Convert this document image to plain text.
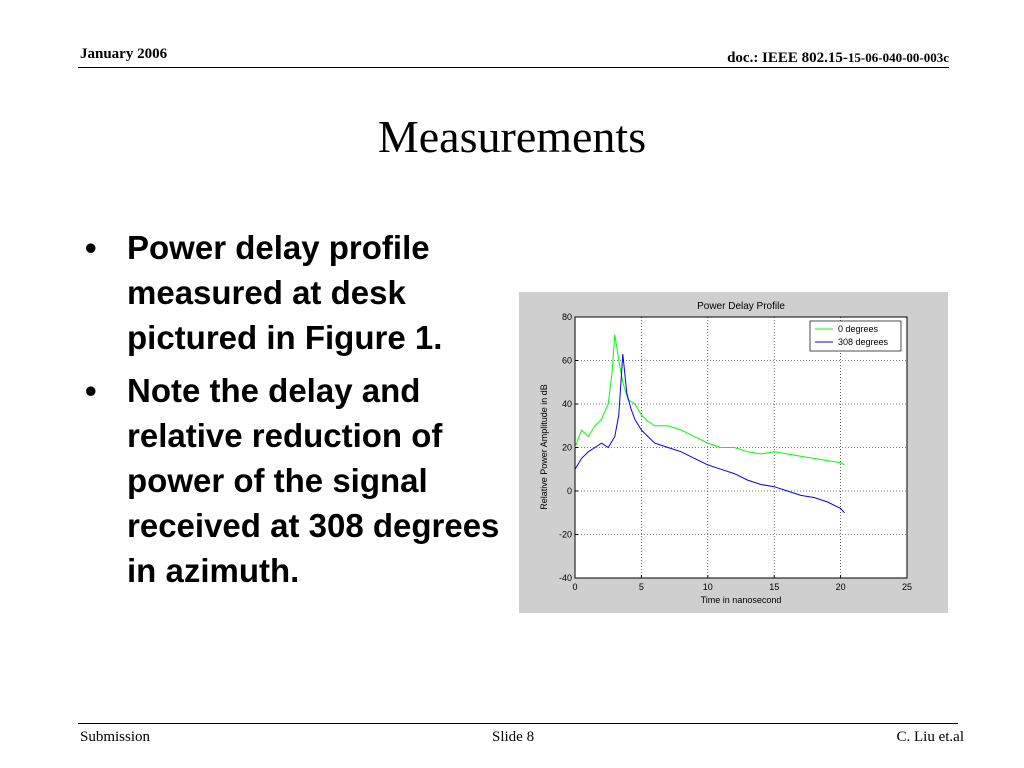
January 2006	doc.: IEEE 802.15-15-06-040-00-003c
Measurements
• Power delay profile measured at desk pictured in Figure 1.
• Note the delay and relative reduction of power of the signal received at 308 degrees in azimuth.	0	5	10	15	20	25
-40
-20
0
20
40
60
80
Power Delay Profile
Time in nanosecond
Relative Power Amplitude in dB
0 degrees
308 degrees
Submission	Slide 8	C. Liu et.al
